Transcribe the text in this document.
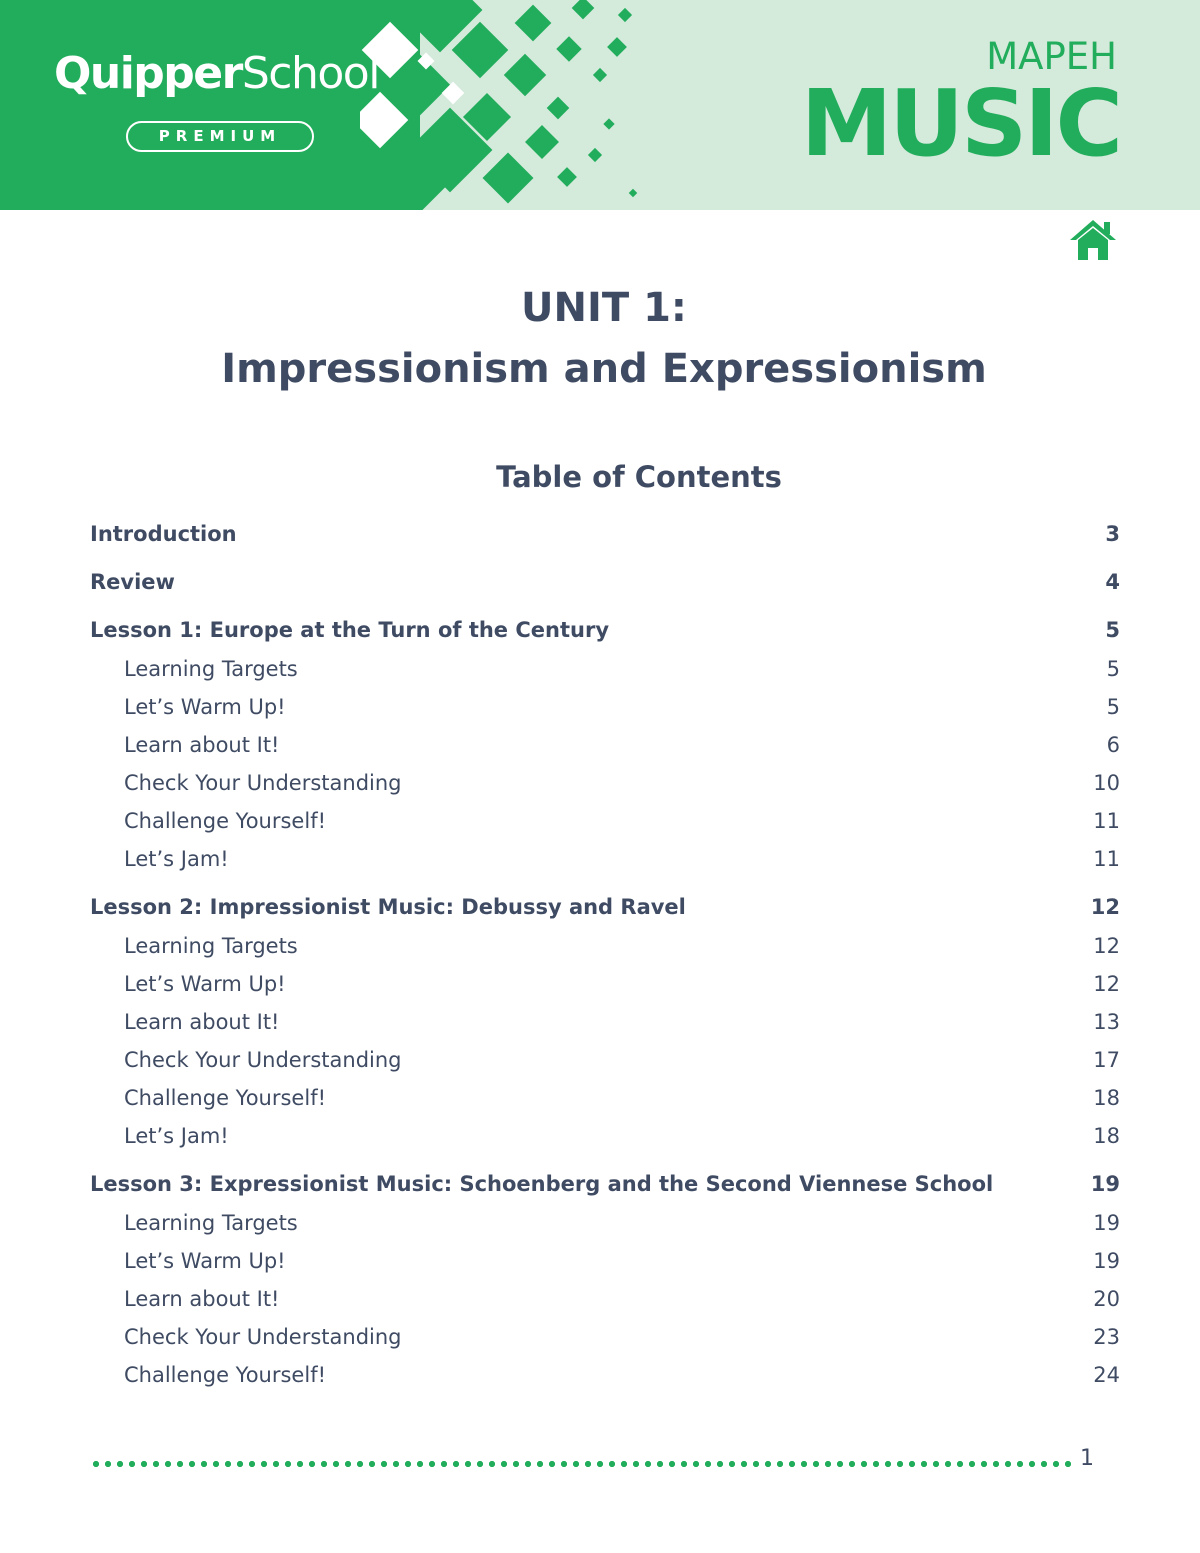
QuipperSchool
PREMIUM
MAPEH
MUSIC
UNIT 1:
Impressionism and Expressionism
Table of Contents
Introduction	3
Review	4
Lesson 1: Europe at the Turn of the Century	5
Learning Targets	5
Let’s Warm Up!	5
Learn about It!	6
Check Your Understanding	10
Challenge Yourself!	11
Let’s Jam!	11
Lesson 2: Impressionist Music: Debussy and Ravel	12
Learning Targets	12
Let’s Warm Up!	12
Learn about It!	13
Check Your Understanding	17
Challenge Yourself!	18
Let’s Jam!	18
Lesson 3: Expressionist Music: Schoenberg and the Second Viennese School	19
Learning Targets	19
Let’s Warm Up!	19
Learn about It!	20
Check Your Understanding	23
Challenge Yourself!	24
1
